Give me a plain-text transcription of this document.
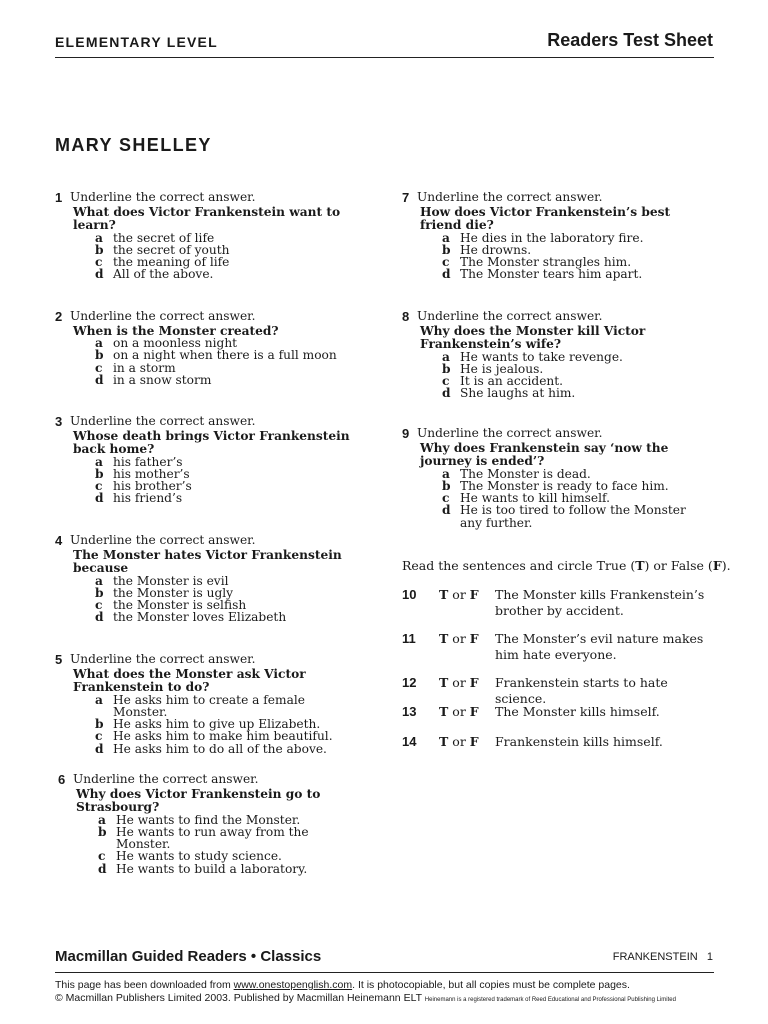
ELEMENTARY LEVEL	Readers Test Sheet
MARY SHELLEY
1 Underline the correct answer.
What does Victor Frankenstein want to learn?
a the secret of life
b the secret of youth
c the meaning of life
d All of the above.
2 Underline the correct answer.
When is the Monster created?
a on a moonless night
b on a night when there is a full moon
c in a storm
d in a snow storm
3 Underline the correct answer.
Whose death brings Victor Frankenstein back home?
a his father’s
b his mother’s
c his brother’s
d his friend’s
4 Underline the correct answer.
The Monster hates Victor Frankenstein because
a the Monster is evil
b the Monster is ugly
c the Monster is selfish
d the Monster loves Elizabeth
5 Underline the correct answer.
What does the Monster ask Victor Frankenstein to do?
a He asks him to create a female Monster.
b He asks him to give up Elizabeth.
c He asks him to make him beautiful.
d He asks him to do all of the above.
6 Underline the correct answer.
Why does Victor Frankenstein go to Strasbourg?
a He wants to find the Monster.
b He wants to run away from the Monster.
c He wants to study science.
d He wants to build a laboratory.
7 Underline the correct answer.
How does Victor Frankenstein’s best friend die?
a He dies in the laboratory fire.
b He drowns.
c The Monster strangles him.
d The Monster tears him apart.
8 Underline the correct answer.
Why does the Monster kill Victor Frankenstein’s wife?
a He wants to take revenge.
b He is jealous.
c It is an accident.
d She laughs at him.
9 Underline the correct answer.
Why does Frankenstein say ‘now the journey is ended’?
a The Monster is dead.
b The Monster is ready to face him.
c He wants to kill himself.
d He is too tired to follow the Monster any further.
Read the sentences and circle True (T) or False (F).
10 T or F The Monster kills Frankenstein’s brother by accident.
11 T or F The Monster’s evil nature makes him hate everyone.
12 T or F Frankenstein starts to hate science.
13 T or F The Monster kills himself.
14 T or F Frankenstein kills himself.
Macmillan Guided Readers • Classics	FRANKENSTEIN 1
This page has been downloaded from www.onestopenglish.com. It is photocopiable, but all copies must be complete pages.
© Macmillan Publishers Limited 2003. Published by Macmillan Heinemann ELT Heinemann is a registered trademark of Reed Educational and Professional Publishing Limited
